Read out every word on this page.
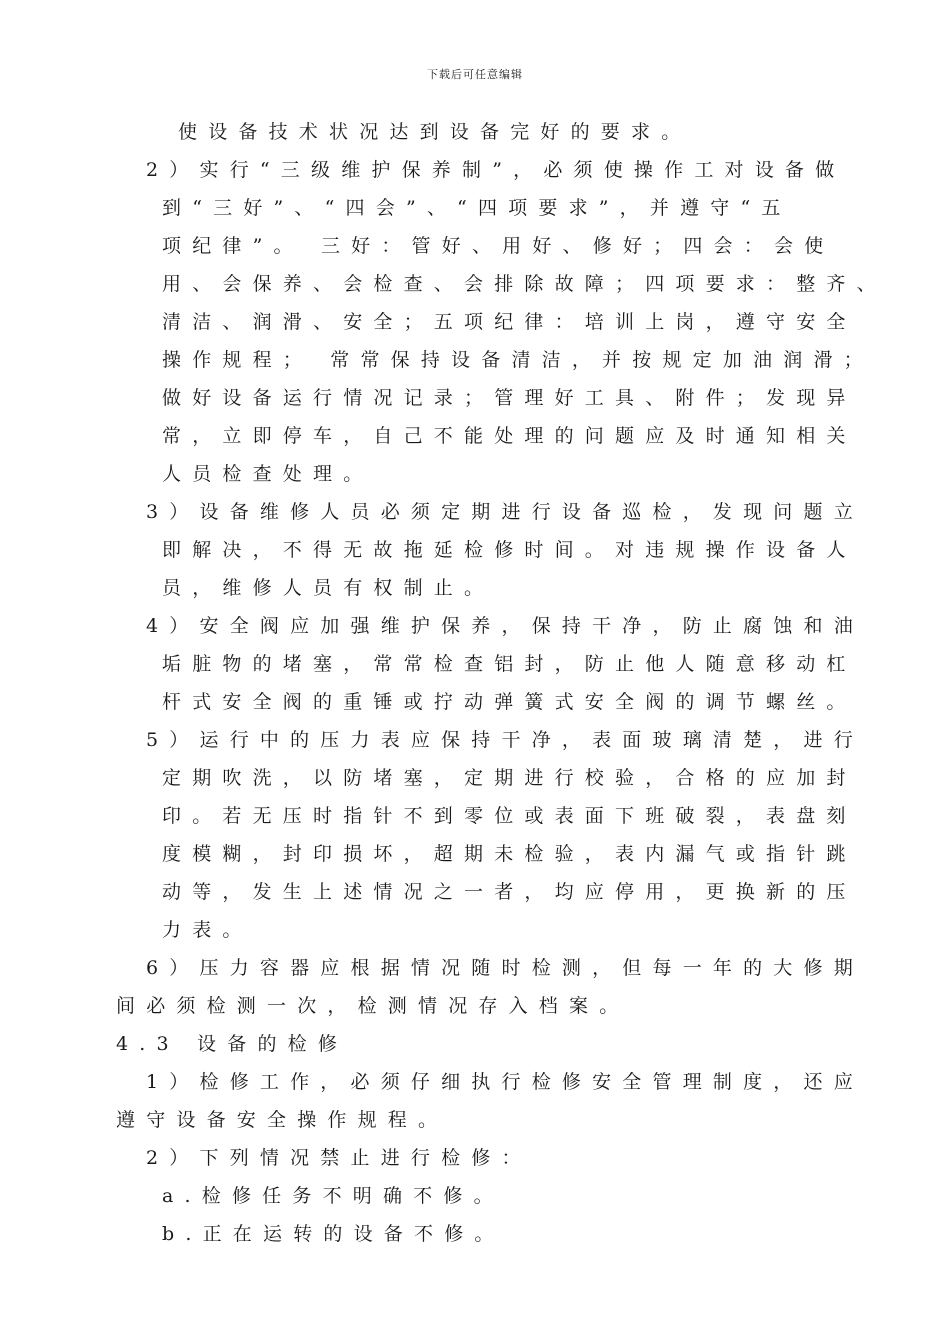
下载后可任意编辑
使设备技术状况达到设备完好的要求。
2）实行“三级维护保养制”，必须使操作工对设备做
到“三好”、“四会”、“四项要求”，并遵守“五
项纪律”。 三好：管好、用好、修好；四会：会使
用、会保养、会检查、会排除故障；四项要求：整齐、
清洁、润滑、安全；五项纪律：培训上岗，遵守安全
操作规程； 常常保持设备清洁，并按规定加油润滑；
做好设备运行情况记录；管理好工具、附件；发现异
常，立即停车，自己不能处理的问题应及时通知相关
人员检查处理。
3）设备维修人员必须定期进行设备巡检，发现问题立
即解决，不得无故拖延检修时间。对违规操作设备人
员，维修人员有权制止。
4）安全阀应加强维护保养，保持干净，防止腐蚀和油
垢脏物的堵塞，常常检查铝封，防止他人随意移动杠
杆式安全阀的重锤或拧动弹簧式安全阀的调节螺丝。
5）运行中的压力表应保持干净，表面玻璃清楚，进行
定期吹洗，以防堵塞，定期进行校验，合格的应加封
印。若无压时指针不到零位或表面下班破裂，表盘刻
度模糊，封印损坏，超期未检验，表内漏气或指针跳
动等，发生上述情况之一者，均应停用，更换新的压
力表。
6）压力容器应根据情况随时检测，但每一年的大修期
间必须检测一次，检测情况存入档案。
4.3 设备的检修
1）检修工作，必须仔细执行检修安全管理制度，还应
遵守设备安全操作规程。
2）下列情况禁止进行检修：
a.检修任务不明确不修。
b.正在运转的设备不修。
